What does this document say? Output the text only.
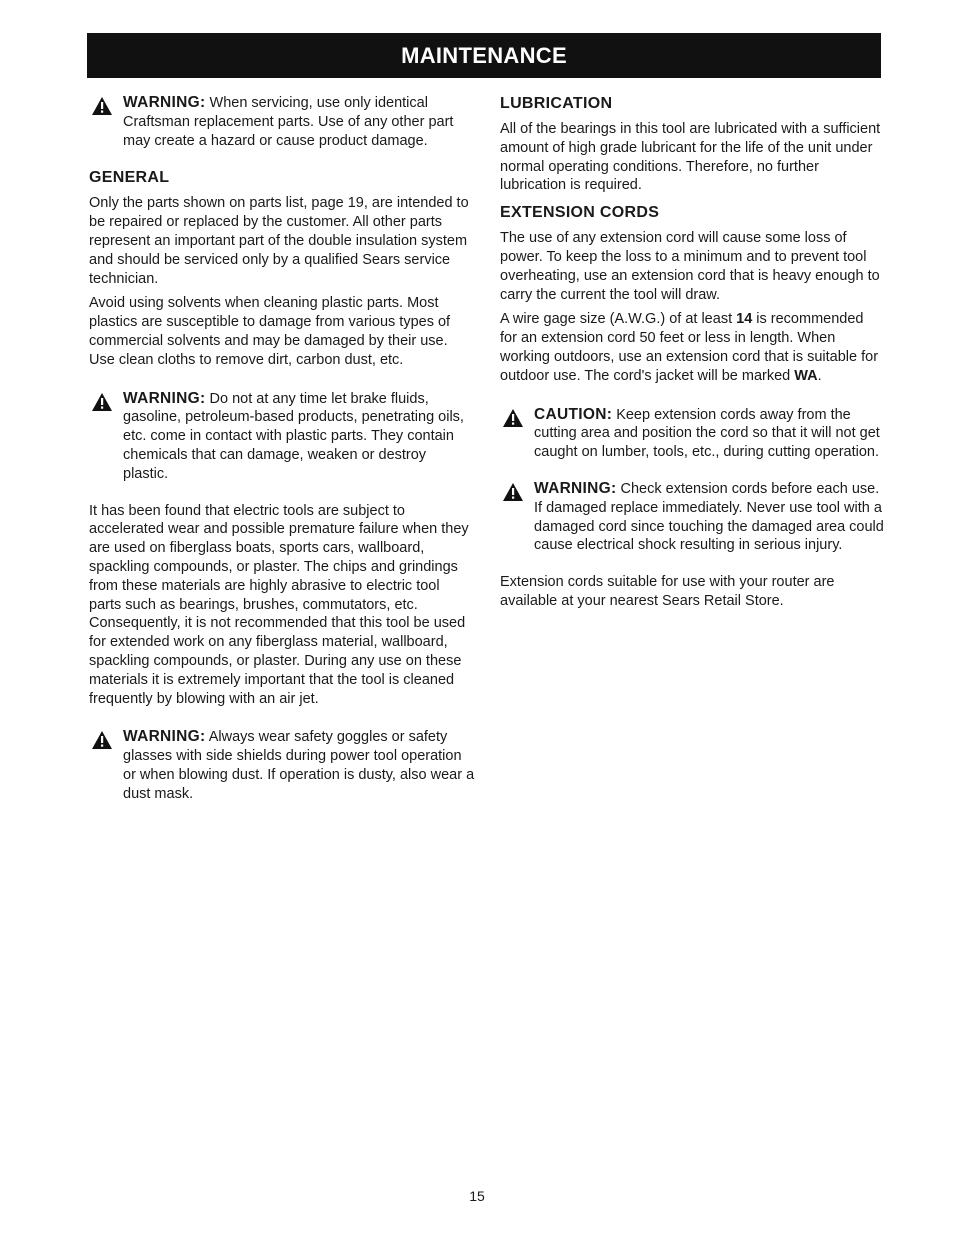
MAINTENANCE
WARNING: When servicing, use only identical Craftsman replacement parts. Use of any other part may create a hazard or cause product damage.
GENERAL

Only the parts shown on parts list, page 19, are intended to be repaired or replaced by the customer. All other parts represent an important part of the double insulation system and should be serviced only by a qualified Sears service technician.

Avoid using solvents when cleaning plastic parts. Most plastics are susceptible to damage from various types of commercial solvents and may be damaged by their use. Use clean cloths to remove dirt, carbon dust, etc.

WARNING: Do not at any time let brake fluids, gasoline, petroleum-based products, penetrating oils, etc. come in contact with plastic parts. They contain chemicals that can damage, weaken or destroy plastic.

It has been found that electric tools are subject to accelerated wear and possible premature failure when they are used on fiberglass boats, sports cars, wallboard, spackling compounds, or plaster. The chips and grindings from these materials are highly abrasive to electric tool parts such as bearings, brushes, commutators, etc. Consequently, it is not recommended that this tool be used for extended work on any fiberglass material, wallboard, spackling compounds, or plaster. During any use on these materials it is extremely important that the tool is cleaned frequently by blowing with an air jet.

WARNING: Always wear safety goggles or safety glasses with side shields during power tool operation or when blowing dust. If operation is dusty, also wear a dust mask.
LUBRICATION

All of the bearings in this tool are lubricated with a sufficient amount of high grade lubricant for the life of the unit under normal operating conditions. Therefore, no further lubrication is required.

EXTENSION CORDS

The use of any extension cord will cause some loss of power. To keep the loss to a minimum and to prevent tool overheating, use an extension cord that is heavy enough to carry the current the tool will draw.

A wire gage size (A.W.G.) of at least 14 is recommended for an extension cord 50 feet or less in length. When working outdoors, use an extension cord that is suitable for outdoor use. The cord's jacket will be marked WA.

CAUTION: Keep extension cords away from the cutting area and position the cord so that it will not get caught on lumber, tools, etc., during cutting operation.
WARNING: Check extension cords before each use. If damaged replace immediately. Never use tool with a damaged cord since touching the damaged area could cause electrical shock resulting in serious injury.

Extension cords suitable for use with your router are available at your nearest Sears Retail Store.

15
